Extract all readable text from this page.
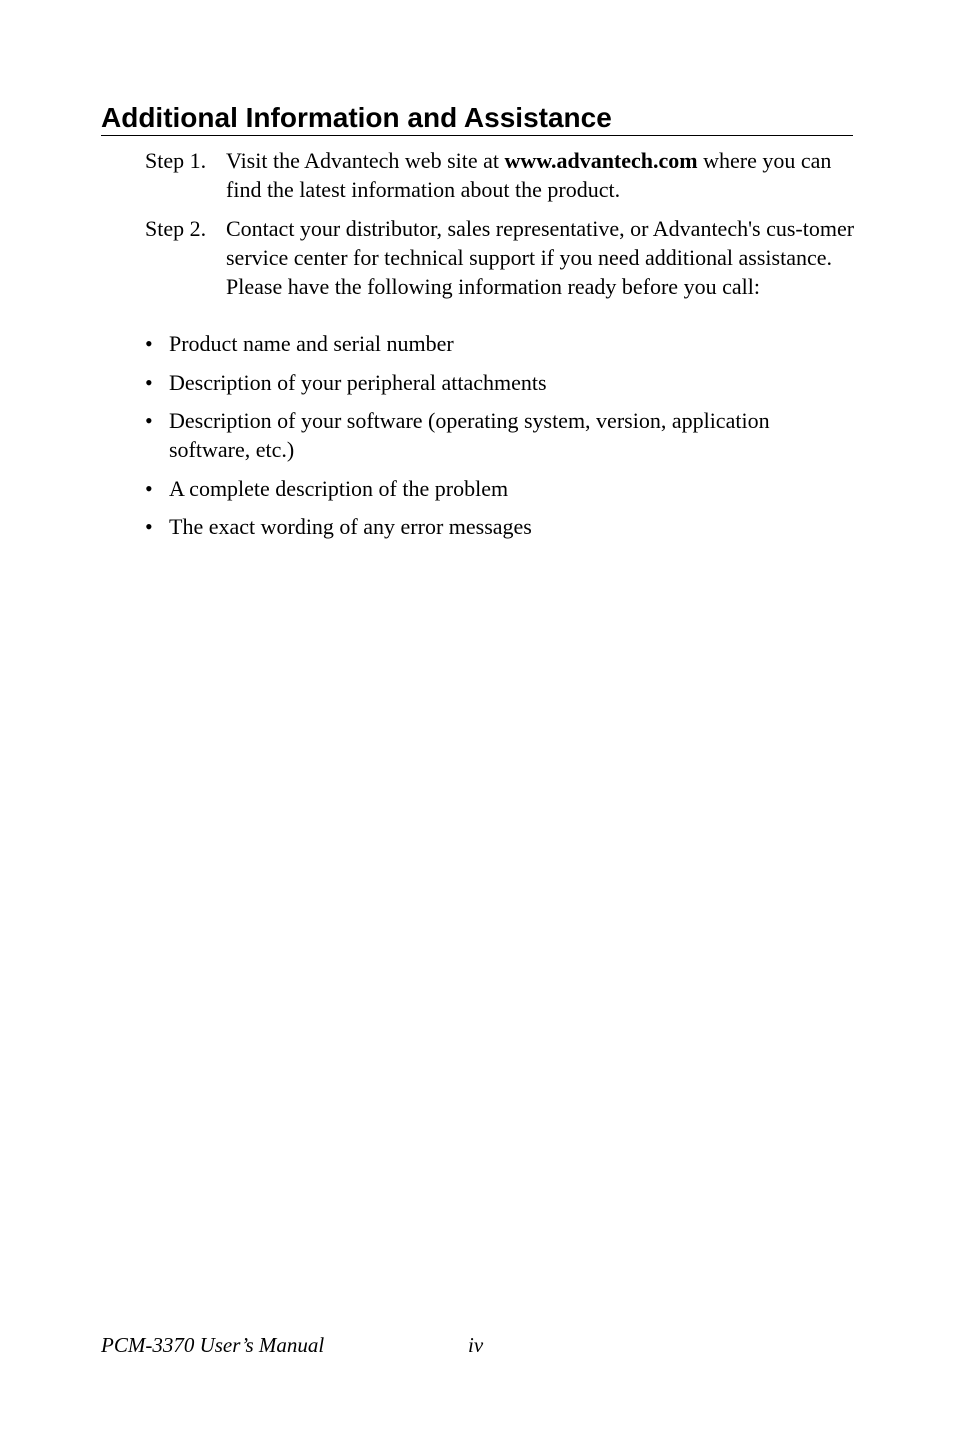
Additional Information and Assistance
Step 1. Visit the Advantech web site at www.advantech.com where you can find the latest information about the product.
Step 2. Contact your distributor, sales representative, or Advantech's cus-tomer service center for technical support if you need additional assistance. Please have the following information ready before you call:
• Product name and serial number
• Description of your peripheral attachments
• Description of your software (operating system, version, application software, etc.)
• A complete description of the problem
• The exact wording of any error messages
PCM-3370 User’s Manual	iv
